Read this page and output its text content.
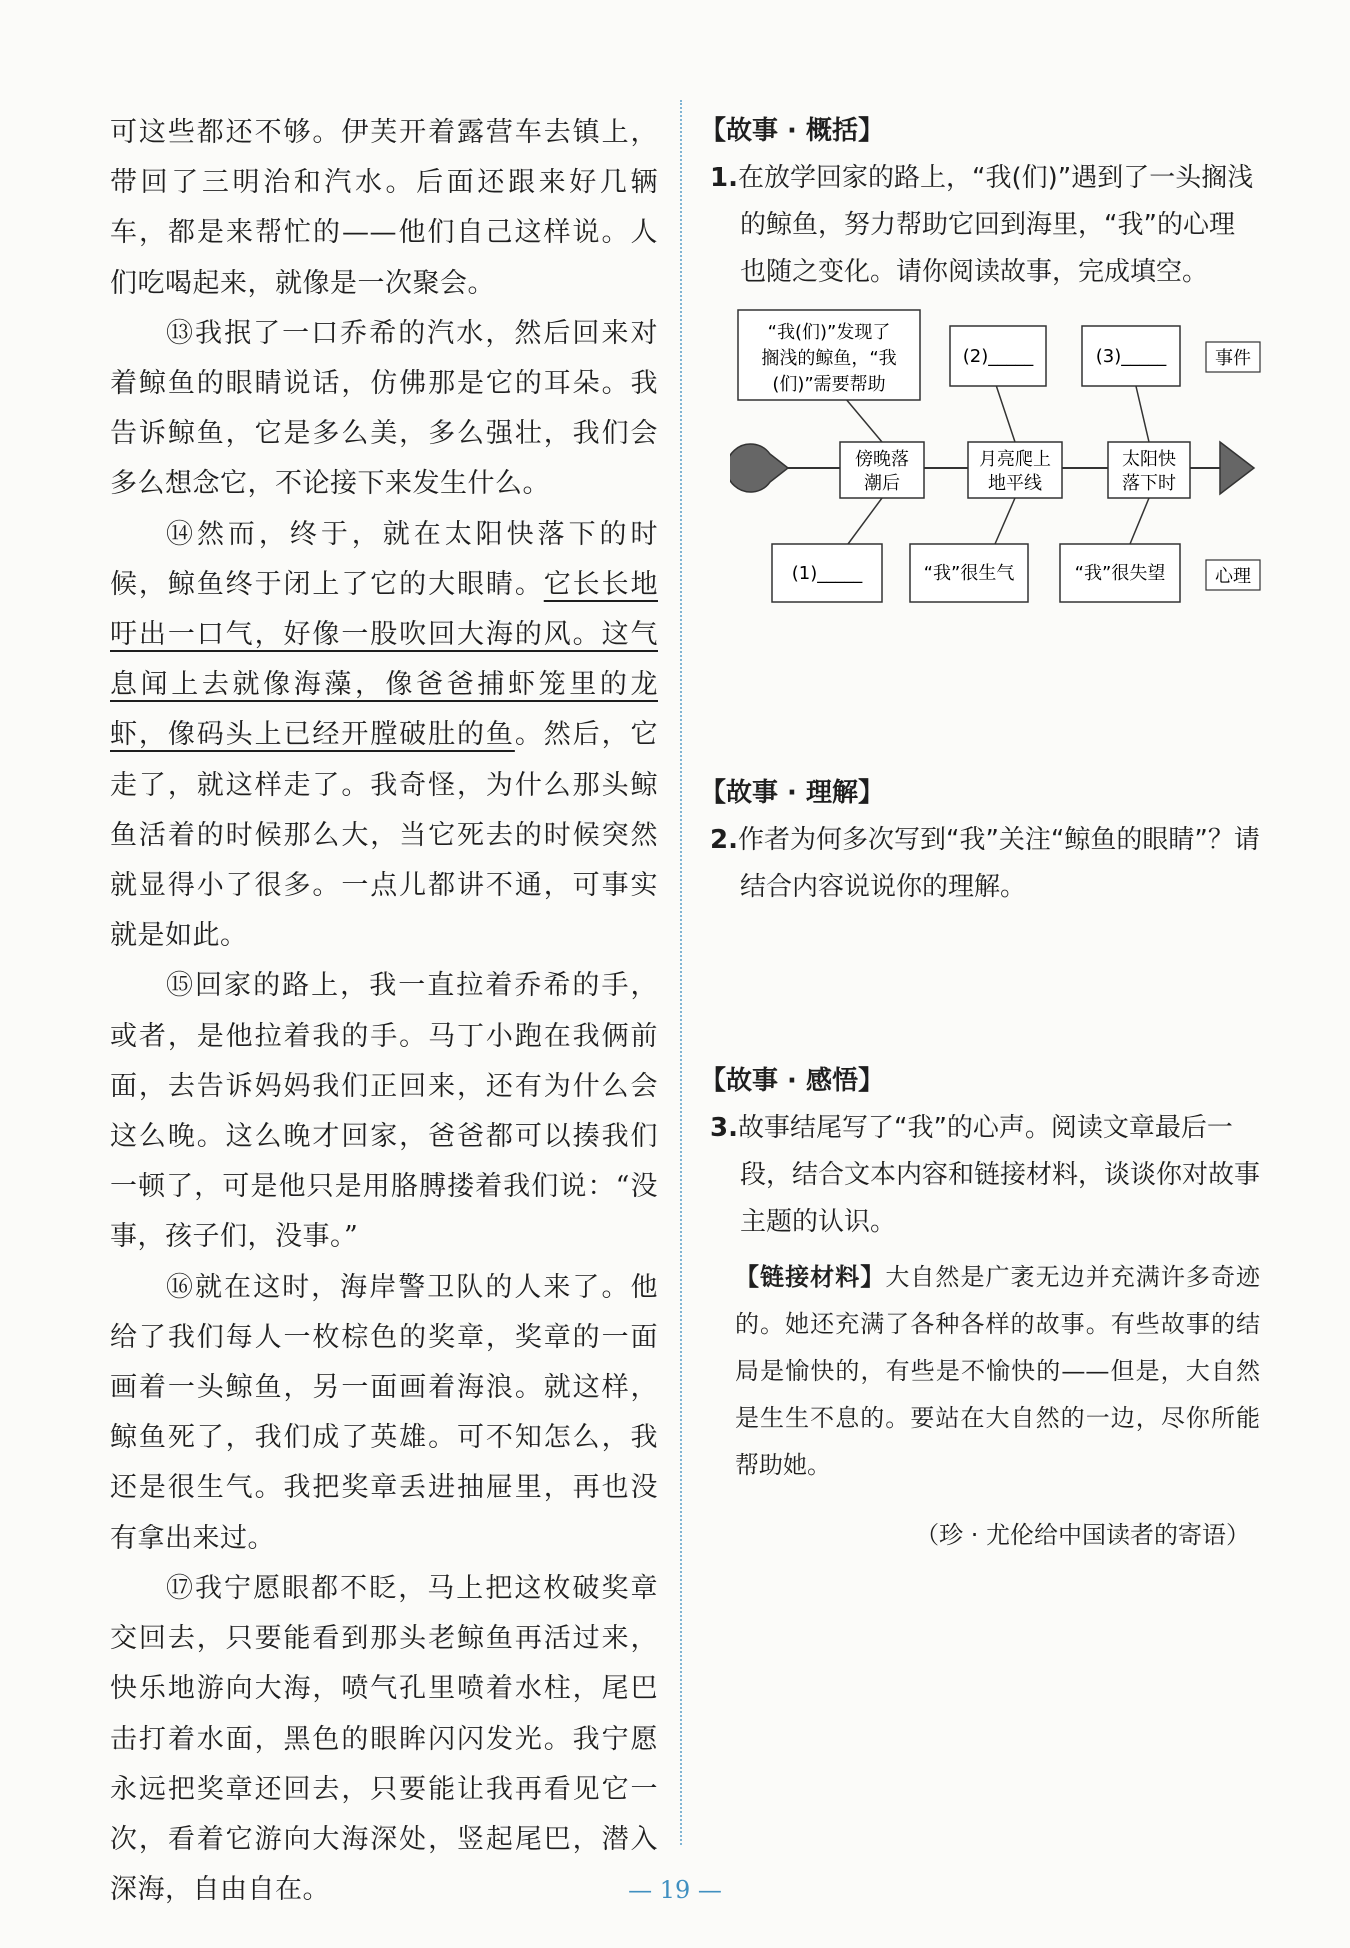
可这些都还不够。伊芙开着露营车去镇上，带回了三明治和汽水。后面还跟来好几辆车，都是来帮忙的——他们自己这样说。人们吃喝起来，就像是一次聚会。

⑬我抿了一口乔希的汽水，然后回来对着鲸鱼的眼睛说话，仿佛那是它的耳朵。我告诉鲸鱼，它是多么美，多么强壮，我们会多么想念它，不论接下来发生什么。

⑭然而，终于，就在太阳快落下的时候，鲸鱼终于闭上了它的大眼睛。它长长地吁出一口气，好像一股吹回大海的风。这气息闻上去就像海藻，像爸爸捕虾笼里的龙虾，像码头上已经开膛破肚的鱼。然后，它走了，就这样走了。我奇怪，为什么那头鲸鱼活着的时候那么大，当它死去的时候突然就显得小了很多。一点儿都讲不通，可事实就是如此。

⑮回家的路上，我一直拉着乔希的手，或者，是他拉着我的手。马丁小跑在我俩前面，去告诉妈妈我们正回来，还有为什么会这么晚。这么晚才回家，爸爸都可以揍我们一顿了，可是他只是用胳膊搂着我们说：“没事，孩子们，没事。”

⑯就在这时，海岸警卫队的人来了。他给了我们每人一枚棕色的奖章，奖章的一面画着一头鲸鱼，另一面画着海浪。就这样，鲸鱼死了，我们成了英雄。可不知怎么，我还是很生气。我把奖章丢进抽屉里，再也没有拿出来过。

⑰我宁愿眼都不眨，马上把这枚破奖章交回去，只要能看到那头老鲸鱼再活过来，快乐地游向大海，喷气孔里喷着水柱，尾巴击打着水面，黑色的眼眸闪闪发光。我宁愿永远把奖章还回去，只要能让我再看见它一次，看着它游向大海深处，竖起尾巴，潜入深海，自由自在。

【故事 · 概括】

1.在放学回家的路上，“我(们)”遇到了一头搁浅的鲸鱼，努力帮助它回到海里，“我”的心理也随之变化。请你阅读故事，完成填空。

【故事 · 理解】

2.作者为何多次写到“我”关注“鲸鱼的眼睛”？请结合内容说说你的理解。

【故事 · 感悟】

3.故事结尾写了“我”的心声。阅读文章最后一段，结合文本内容和链接材料，谈谈你对故事主题的认识。

【链接材料】大自然是广袤无边并充满许多奇迹的。她还充满了各种各样的故事。有些故事的结局是愉快的，有些是不愉快的——但是，大自然是生生不息的。要站在大自然的一边，尽你所能帮助她。

（珍 · 尤伦给中国读者的寄语）

傍晚落
潮后
月亮爬上
地平线
太阳快
落下时
“我(们)”发现了
搁浅的鲸鱼，“我
(们)”需要帮助
(2)_____	(3)_____	事件
(1)_____	“我”很生气	“我”很失望	心理
— 19 —
